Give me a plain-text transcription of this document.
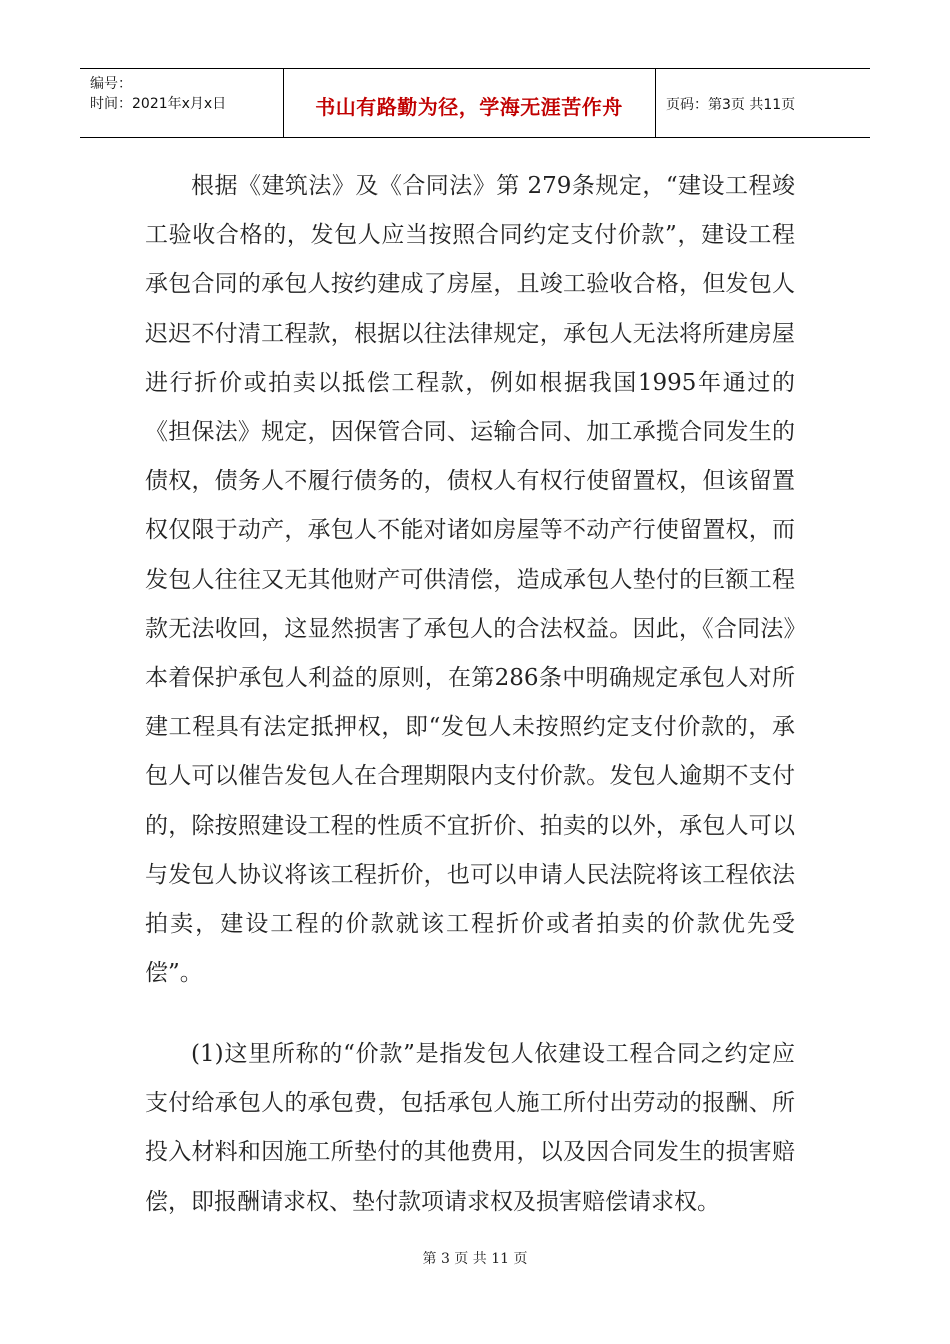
编号：
时间：2021年x月x日	书山有路勤为径，学海无涯苦作舟	页码：第3页 共11页

根据《建筑法》及《合同法》第 279条规定，“建设工程竣工验收合格的，发包人应当按照合同约定支付价款”，建设工程承包合同的承包人按约建成了房屋，且竣工验收合格，但发包人迟迟不付清工程款，根据以往法律规定，承包人无法将所建房屋进行折价或拍卖以抵偿工程款，例如根据我国1995年通过的《担保法》规定，因保管合同、运输合同、加工承揽合同发生的债权，债务人不履行债务的，债权人有权行使留置权，但该留置权仅限于动产，承包人不能对诸如房屋等不动产行使留置权，而发包人往往又无其他财产可供清偿，造成承包人垫付的巨额工程款无法收回，这显然损害了承包人的合法权益。因此，《合同法》本着保护承包人利益的原则，在第286条中明确规定承包人对所建工程具有法定抵押权，即“发包人未按照约定支付价款的，承包人可以催告发包人在合理期限内支付价款。发包人逾期不支付的，除按照建设工程的性质不宜折价、拍卖的以外，承包人可以与发包人协议将该工程折价，也可以申请人民法院将该工程依法拍卖，建设工程的价款就该工程折价或者拍卖的价款优先受偿”。

(1)这里所称的“价款”是指发包人依建设工程合同之约定应支付给承包人的承包费，包括承包人施工所付出劳动的报酬、所投入材料和因施工所垫付的其他费用，以及因合同发生的损害赔偿，即报酬请求权、垫付款项请求权及损害赔偿请求权。

第 3 页 共 11 页
